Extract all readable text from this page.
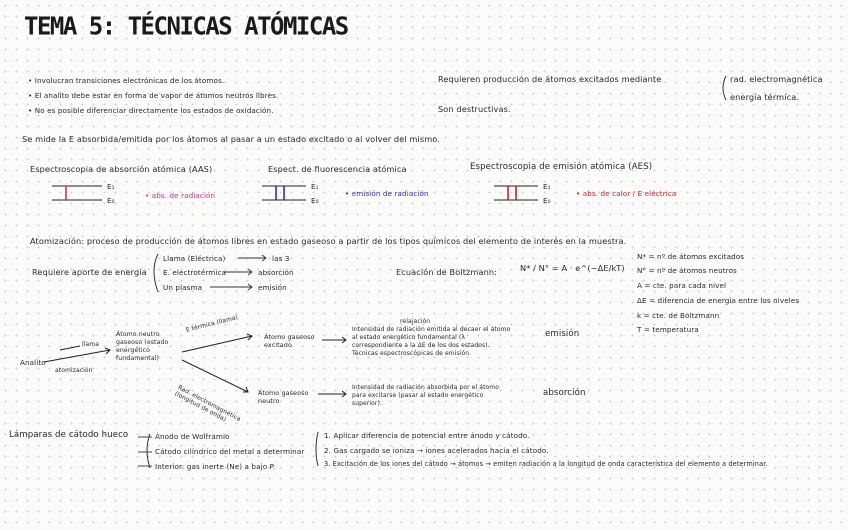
TEMA 5: TÉCNICAS ATÓMICAS
• Involucran transiciones electrónicas de los átomos.
• El analito debe estar en forma de vapor de átomos neutros libres.
• No es posible diferenciar directamente los estados de oxidación.
Requieren producción de átomos excitados mediante	rad. electromagnética
energía térmica.
Son destructivas.
Se mide la E absorbida/emitida por los átomos al pasar a un estado excitado o al volver del mismo.
Espectroscopia de absorción atómica (AAS)	Espect. de fluorescencia atómica	Espectroscopia de emisión atómica (AES)
E₁
E₀
E₁
E₀
E₁
E₀
• abs. de radiación	• emisión de radiación	• abs. de calor / E eléctrica
Atomización: proceso de producción de átomos libres en estado gaseoso a partir de los tipos químicos del elemento de interés en la muestra.
Requiere aporte de energía
Llama (Eléctrica)	las 3
E. electrotérmica	absorción
Un plasma	emisión
Ecuación de Boltzmann:	N* / N° = A · e^(−ΔE/kT)
N* = nº de átomos excitados
N° = nº de átomos neutros
A = cte. para cada nivel
ΔE = diferencia de energía entre los niveles
k = cte. de Boltzmann
T = temperatura
Analito
llama
atomización
Átomo neutro gaseoso (estado energético fundamental)
E térmica (llama)
Rad. electromagnética (longitud de onda)
Átomo gaseoso excitado
Átomo gaseoso neutro
relajación
Intensidad de radiación emitida al decaer el átomo al estado energético fundamental (λ correspondiente a la ΔE de los dos estados). Técnicas espectroscópicas de emisión.
Intensidad de radiación absorbida por el átomo para excitarse (pasar al estado energético superior).
emisión
absorción
Lámparas de cátodo hueco	Ánodo de Wolframio
Cátodo cilíndrico del metal a determinar
Interior: gas inerte (Ne) a bajo P.
1. Aplicar diferencia de potencial entre ánodo y cátodo.
2. Gas cargado se ioniza → iones acelerados hacia el cátodo.
3. Excitación de los iones del cátodo → átomos → emiten radiación a la longitud de onda característica del elemento a determinar.
